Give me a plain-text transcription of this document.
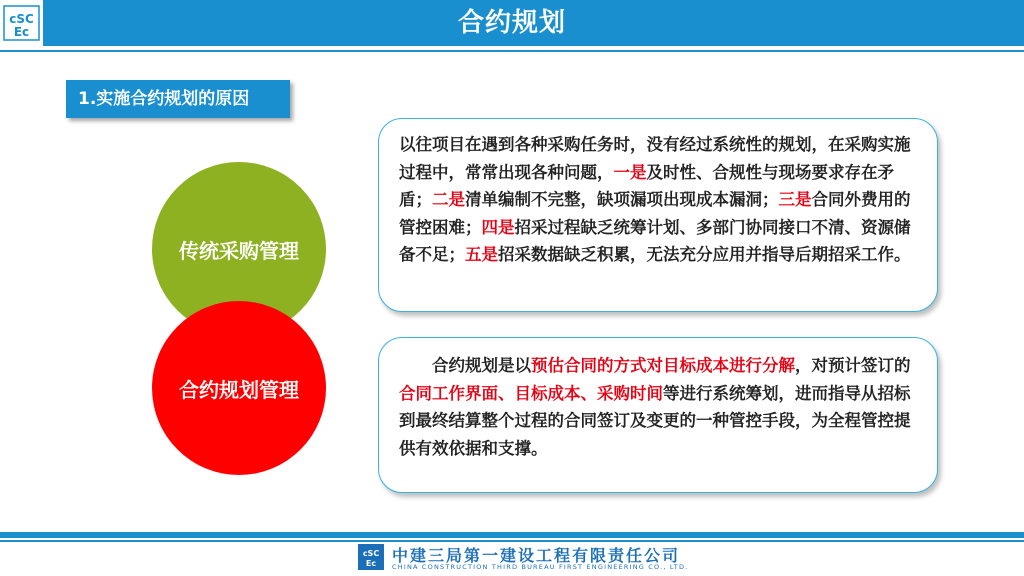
cSC
Ec	合约规划
1.实施合约规划的原因
传统采购管理
合约规划管理

以往项目在遇到各种采购任务时，没有经过系统性的规划，在采购实施过程中，常常出现各种问题，一是及时性、合规性与现场要求存在矛盾；二是清单编制不完整，缺项漏项出现成本漏洞；三是合同外费用的管控困难；四是招采过程缺乏统筹计划、多部门协同接口不清、资源储备不足；五是招采数据缺乏积累，无法充分应用并指导后期招采工作。

合约规划是以预估合同的方式对目标成本进行分解，对预计签订的合同工作界面、目标成本、采购时间等进行系统筹划，进而指导从招标到最终结算整个过程的合同签订及变更的一种管控手段，为全程管控提供有效依据和支撑。

cSC
Ec 中建三局第一建设工程有限责任公司
CHINA CONSTRUCTION THIRD BUREAU FIRST ENGINEERING CO., LTD.
